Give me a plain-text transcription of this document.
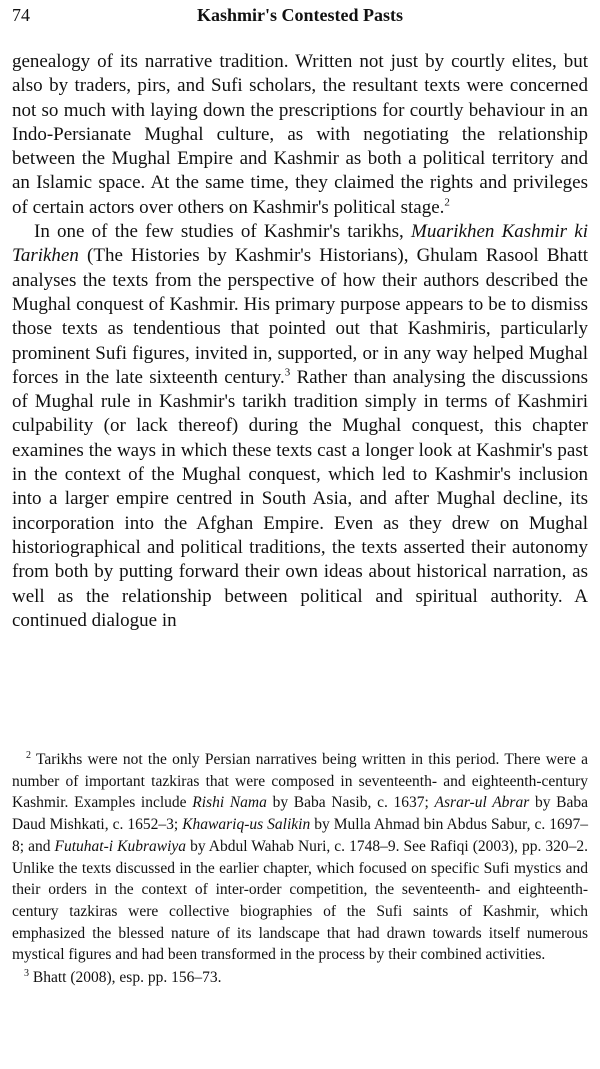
74	Kashmir's Contested Pasts

genealogy of its narrative tradition. Written not just by courtly elites, but also by traders, pirs, and Sufi scholars, the resultant texts were concerned not so much with laying down the prescriptions for courtly behaviour in an Indo-Persianate Mughal culture, as with negotiating the relationship between the Mughal Empire and Kashmir as both a political territory and an Islamic space. At the same time, they claimed the rights and privileges of certain actors over others on Kashmir's political stage.$^2$

In one of the few studies of Kashmir's tarikhs, Muarikhen Kashmir ki Tarikhen (The Histories by Kashmir's Historians), Ghulam Rasool Bhatt analyses the texts from the perspective of how their authors described the Mughal conquest of Kashmir. His primary purpose appears to be to dismiss those texts as tendentious that pointed out that Kashmiris, particularly prominent Sufi figures, invited in, supported, or in any way helped Mughal forces in the late sixteenth century.$^3$ Rather than analysing the discussions of Mughal rule in Kashmir's tarikh tradition simply in terms of Kashmiri culpability (or lack thereof) during the Mughal conquest, this chapter examines the ways in which these texts cast a longer look at Kashmir's past in the context of the Mughal conquest, which led to Kashmir's inclusion into a larger empire centred in South Asia, and after Mughal decline, its incorporation into the Afghan Empire. Even as they drew on Mughal historiographical and political traditions, the texts asserted their autonomy from both by putting forward their own ideas about historical narration, as well as the relationship between political and spiritual authority. A continued dialogue in

$^2$ Tarikhs were not the only Persian narratives being written in this period. There were a number of important tazkiras that were composed in seventeenth- and eighteenth-century Kashmir. Examples include Rishi Nama by Baba Nasib, c. 1637; Asrar-ul Abrar by Baba Daud Mishkati, c. 1652–3; Khawariq-us Salikin by Mulla Ahmad bin Abdus Sabur, c. 1697–8; and Futuhat-i Kubrawiya by Abdul Wahab Nuri, c. 1748–9. See Rafiqi (2003), pp. 320–2. Unlike the texts discussed in the earlier chapter, which focused on specific Sufi mystics and their orders in the context of inter-order competition, the seventeenth- and eighteenth-century tazkiras were collective biographies of the Sufi saints of Kashmir, which emphasized the blessed nature of its landscape that had drawn towards itself numerous mystical figures and had been transformed in the process by their combined activities.

$^3$ Bhatt (2008), esp. pp. 156–73.
